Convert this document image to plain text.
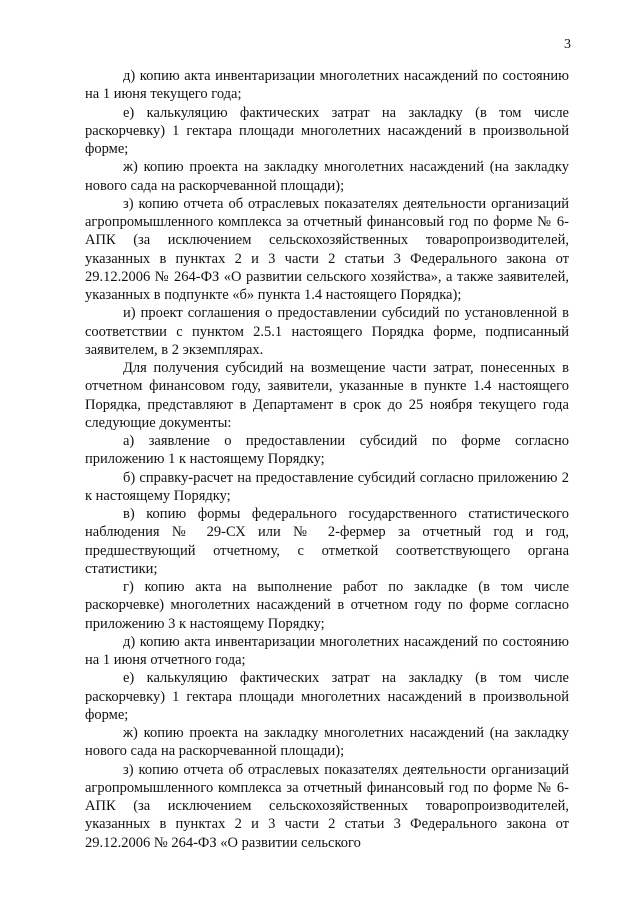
3

д) копию акта инвентаризации многолетних насаждений по состоянию на 1 июня текущего года;

е) калькуляцию фактических затрат на закладку (в том числе раскорчевку) 1 гектара площади многолетних насаждений в произвольной форме;

ж) копию проекта на закладку многолетних насаждений (на закладку нового сада на раскорчеванной площади);

з) копию отчета об отраслевых показателях деятельности организаций агропромышленного комплекса за отчетный финансовый год по форме № 6-АПК (за исключением сельскохозяйственных товаропроизводителей, указанных в пунктах 2 и 3 части 2 статьи 3 Федерального закона от 29.12.2006 № 264-ФЗ «О развитии сельского хозяйства», а также заявителей, указанных в подпункте «б» пункта 1.4 настоящего Порядка);

и) проект соглашения о предоставлении субсидий по установленной в соответствии с пунктом 2.5.1 настоящего Порядка форме, подписанный заявителем, в 2 экземплярах.

Для получения субсидий на возмещение части затрат, понесенных в отчетном финансовом году, заявители, указанные в пункте 1.4 настоящего Порядка, представляют в Департамент в срок до 25 ноября текущего года следующие документы:

а) заявление о предоставлении субсидий по форме согласно приложению 1 к настоящему Порядку;

б) справку-расчет на предоставление субсидий согласно приложению 2 к настоящему Порядку;

в) копию формы федерального государственного статистического наблюдения № 29-СХ или № 2-фермер за отчетный год и год, предшествующий отчетному, с отметкой соответствующего органа статистики;

г) копию акта на выполнение работ по закладке (в том числе раскорчевке) многолетних насаждений в отчетном году по форме согласно приложению 3 к настоящему Порядку;

д) копию акта инвентаризации многолетних насаждений по состоянию на 1 июня отчетного года;

е) калькуляцию фактических затрат на закладку (в том числе раскорчевку) 1 гектара площади многолетних насаждений в произвольной форме;

ж) копию проекта на закладку многолетних насаждений (на закладку нового сада на раскорчеванной площади);

з) копию отчета об отраслевых показателях деятельности организаций агропромышленного комплекса за отчетный финансовый год по форме № 6-АПК (за исключением сельскохозяйственных товаропроизводителей, указанных в пунктах 2 и 3 части 2 статьи 3 Федерального закона от 29.12.2006 № 264-ФЗ «О развитии сельского
